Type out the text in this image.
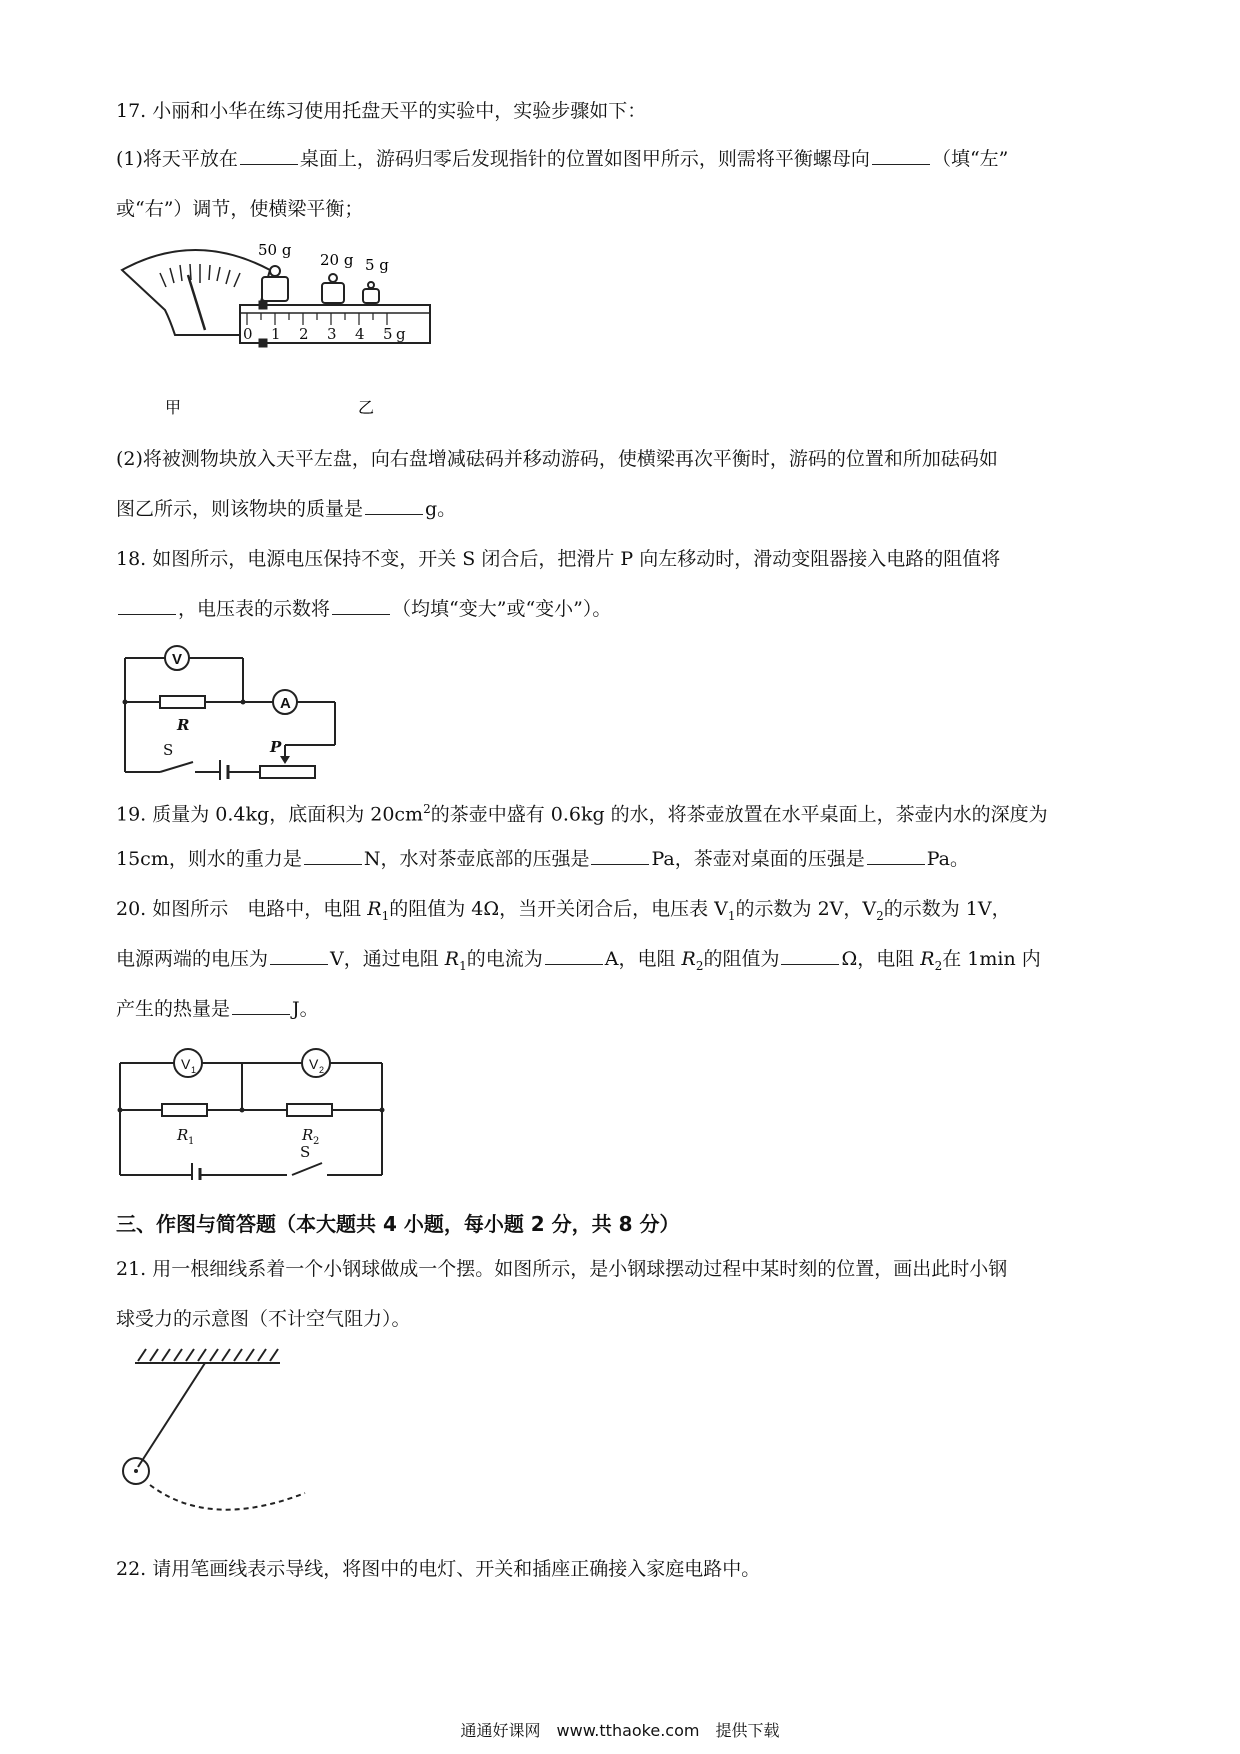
17. 小丽和小华在练习使用托盘天平的实验中，实验步骤如下：
(1)将天平放在	桌面上，游码归零后发现指针的位置如图甲所示，则需将平衡螺母向	（填“左”
或“右”）调节，使横梁平衡；
甲
50 g
20 g 5 g
0 1 2 3 4 5 g
乙
(2)将被测物块放入天平左盘，向右盘增减砝码并移动游码，使横梁再次平衡时，游码的位置和所加砝码如
图乙所示，则该物块的质量是	g。
18. 如图所示，电源电压保持不变，开关 S 闭合后，把滑片 P 向左移动时，滑动变阻器接入电路的阻值将
，电压表的示数将	（均填“变大”或“变小”）。
V
A
R
P
S
19. 质量为 0.4kg，底面积为 $20cm^2$的茶壶中盛有 0.6kg 的水，将茶壶放置在水平桌面上，茶壶内水的深度为
15cm，则水的重力是	N，水对茶壶底部的压强是	Pa，茶壶对桌面的压强是	Pa。
20. 如图所示　电路中，电阻 $R_1$的阻值为 4Ω，当开关闭合后，电压表 $V_1$的示数为 2V，$V_2$的示数为 1V，
电源两端的电压为	V，通过电阻 $R_1$的电流为	A，电阻 $R_2$的阻值为	Ω，电阻 $R_2$在 1min 内
产生的热量是	J。
V 1	V 2
R	R
1	2
S
三、作图与简答题（本大题共 4 小题，每小题 2 分，共 8 分）
21. 用一根细线系着一个小钢球做成一个摆。如图所示，是小钢球摆动过程中某时刻的位置，画出此时小钢
球受力的示意图（不计空气阻力）。
22. 请用笔画线表示导线，将图中的电灯、开关和插座正确接入家庭电路中。
通通好课网　www.tthaoke.com　提供下载
